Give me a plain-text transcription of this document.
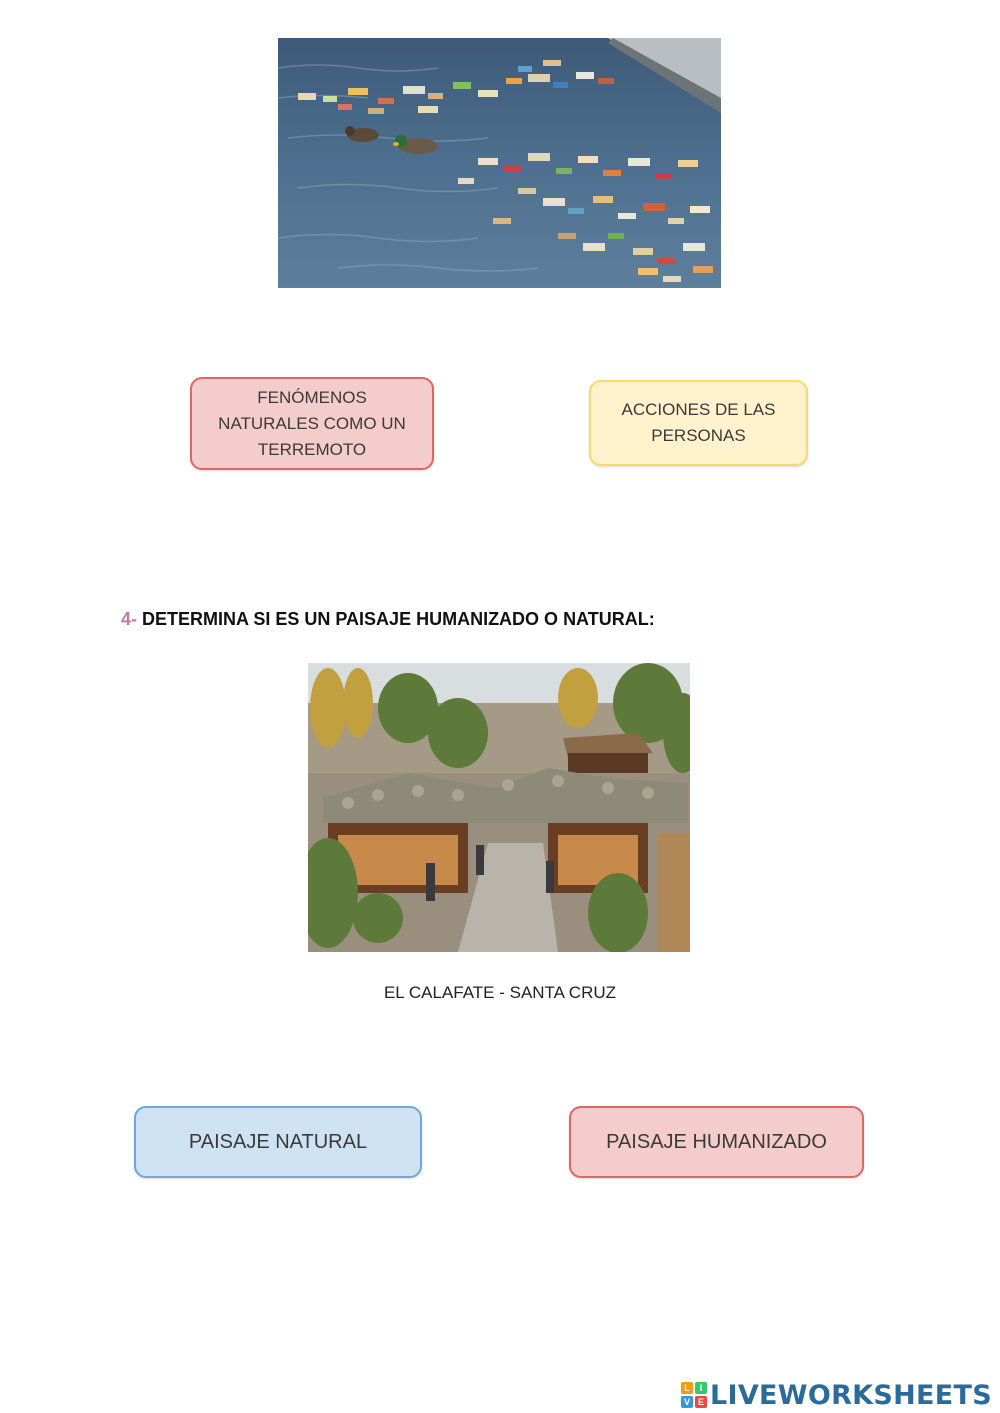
FENÓMENOS
NATURALES COMO UN
TERREMOTO
ACCIONES DE LAS
PERSONAS
4- DETERMINA SI ES UN PAISAJE HUMANIZADO O NATURAL:
EL CALAFATE - SANTA CRUZ
PAISAJE NATURAL	PAISAJE HUMANIZADO
L	I
V E LIVEWORKSHEETS
